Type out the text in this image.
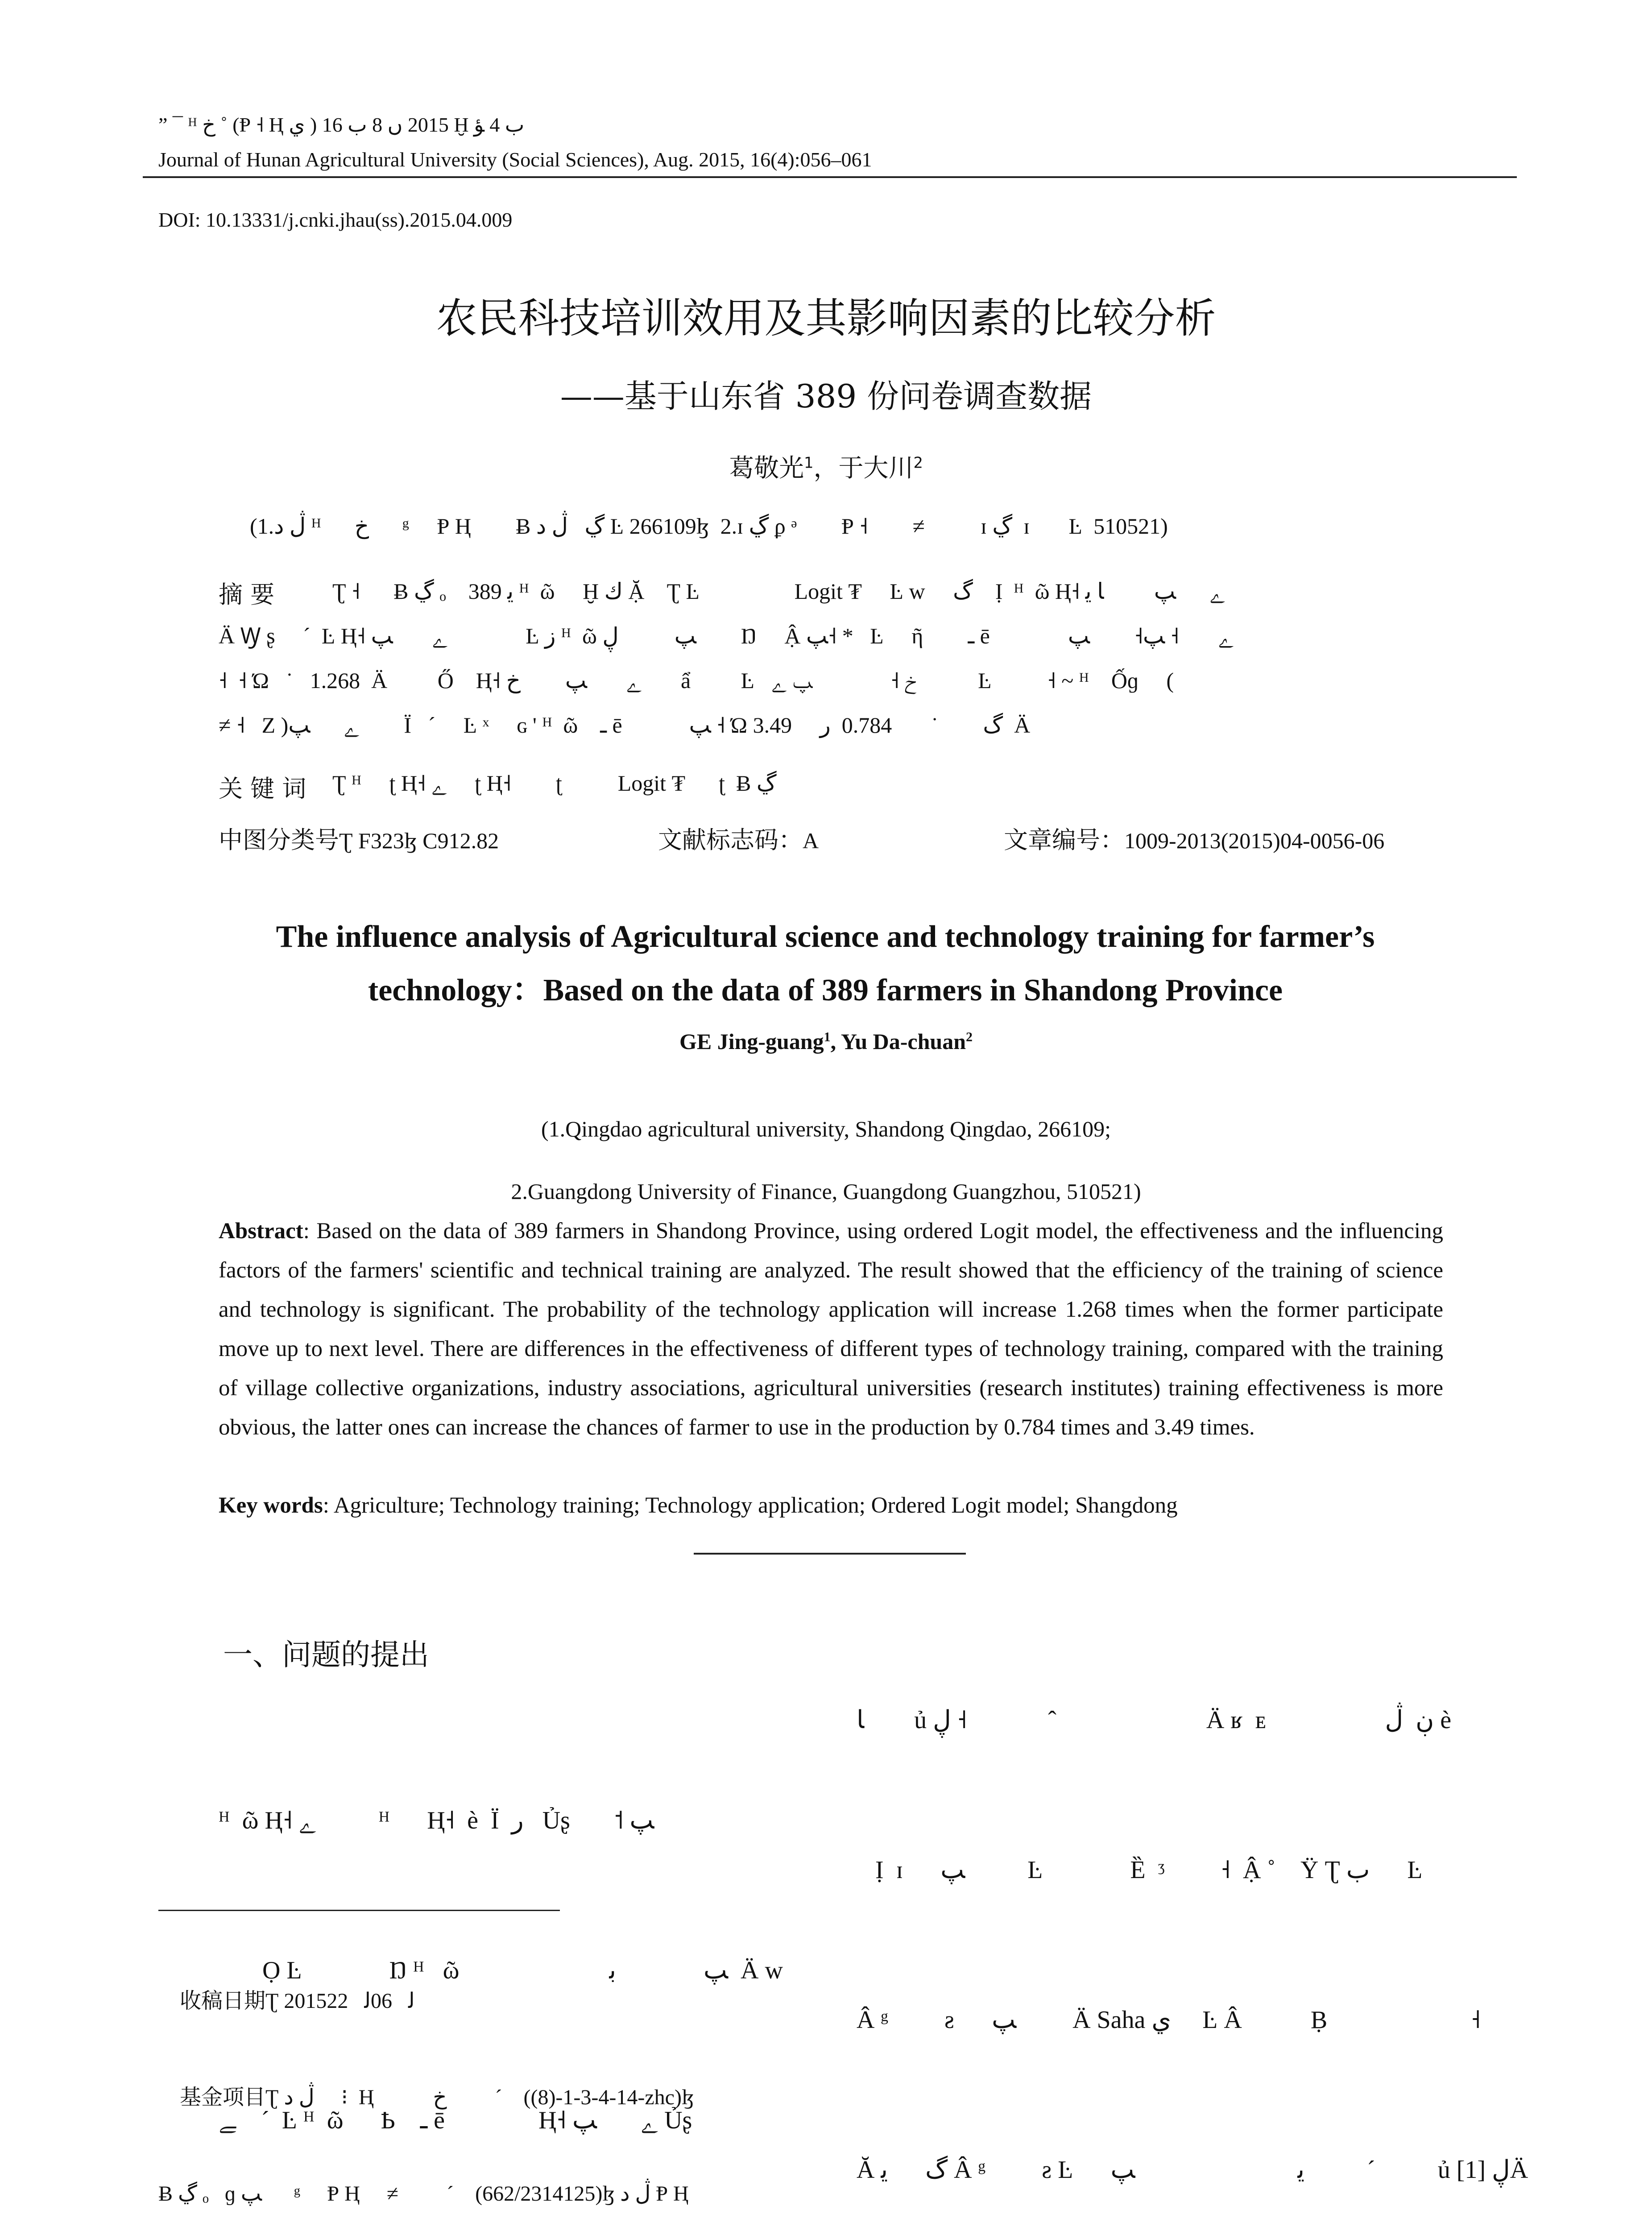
” ¯ ᴴ ﺥ ˚ (Ᵽ ˧ Ⱨ ي ) 2015 ں 8 ﺏ 16 Ḫ ﺏ 4 ﺆ
Journal of Hunan Agricultural University (Social Sciences), Aug. 2015, 16(4):056–061
DOI: 10.13331/j.cnki.jhau(ss).2015.04.009
农民科技培训效用及其影响因素的比较分析
——基于山东省 389 份问卷调查数据
葛敬光$^1$，于大川$^2$
(1.ڷ ﺩ ᴴ      ﺥ      ᵍ     Ᵽ Ⱨ        Ƀ ڲ   ڷ ﺩ Ŀ 266109ɮ  2.ɪ ڲ ϼ ᵊ        Ᵽ ˧ ͏       ≠          ɪ ڲ  ɪ       Ŀ  510521)
摘 要	Ʈ ˧      Ƀ ڲ ₒ    389 ﻳ ᴴ  ῶ     Ḫ ﻙ Ặ    Ʈ Ŀ                 Logit ₮     Ŀ ᴡ     ﮒ    Ị  ᴴ  ῶ Ⱨ˧ ﮮ      ﭗ         ﺎ ﻳ
Ä Ꝡ ʂ   ͏  ˊ  Ŀ Ⱨ˧ ﮮ       ﭗ              Ŀ ﺯ ᴴ  ῶ ﭗ          ڸ        Ŋ     Ậ ﭗ˧ *   Ŀ     ῆ        ـ ē              ﮮ       ˧ ﭗ˧        ﭗ
˧  ˧ Ώ   ˙   1.268 ͏ Ä         Ő    Ⱨ˧ ﮮ       ﭗ        ﺥ       ẩ         Ŀ   ﺥ ˧              ﭗ ﮮ          ͏ Ŀ          ˧ ~ ᴴ    Ốɡ     (
≠ ˧   Ζ )ﮮ      ﭗ        Ϊ   ˊ     Ŀ ˣ     ɢ ' ᴴ  ῶ    ـ ē            ﭗ ˧ Ώ ﮒ ͏       ˙       0.784 ͏ ﺭ     3.49 ͏ Ä
关 键 词 Ʈ ᴴ     ʈ Ⱨ˧ ﮮ     ʈ Ⱨ˧        ʈ          Logit ₮      ʈ  Ƀ ڲ
中图分类号Ʈ F323ɮ C912.82	文献标志码：A	文章编号：1009-2013(2015)04-0056-06
The influence analysis of Agricultural science and technology training for farmer’s
technology：Based on the data of 389 farmers in Shandong Province
GE Jing-guang$^1$, Yu Da-chuan$^2$
(1.Qingdao agricultural university, Shandong Qingdao, 266109;
2.Guangdong University of Finance, Guangdong Guangzhou, 510521)
Abstract: Based on the data of 389 farmers in Shandong Province, using ordered Logit model, the effectiveness and the influencing factors of the farmers' scientific and technical training are analyzed. The result showed that the efficiency of the training of science and technology is significant. The probability of the technology application will increase 1.268 times when the former participate move up to next level. There are differences in the effectiveness of different types of technology training, compared with the training of village collective organizations, industry associations, agricultural universities (research institutes) training effectiveness is more obvious, the latter ones can increase the chances of farmer to use in the production by 0.784 times and 3.49 times.
Key words: Agriculture; Technology training; Technology application; Ordered Logit model; Shangdong
一、问题的提出

ᴴ  ῶ Ⱨ˧ ﮮ          ᴴ      Ⱨ˧  è  Ϊ  ﺭ   Ủʂ       ˦ ﭗ

Ọ Ŀ              Ŋ ᴴ   ῶ                        ﭗ              ﺑ  Ä ᴡ

ﮯ   ͏ ˊ  Ŀ ᴴ  ῶ      Ҍ    ـ ē               Ⱨ˧ ﮮ       ﭗ Ủʂ

收稿日期Ʈ 2015ﻟ   06ﻟ   22

基金项目Ʈ ڷ ﺩ     ⁝  Ⱨ           ﺥ         ˊ    (14-4-3-1-(8)-zhc)ɮ

Ƀ ڲ ₒ   ɡ ﭗ      ᵍ     Ᵽ Ⱨ     ≠         ˊ    (662/2314125)ɮ ڷ ﺩ Ᵽ Ⱨ

ﺎ        ủ ڸ ˧             ˆ                        Ä ʁ  ᴇ                   ڹ  ڷ è

Ị  ɪ      ﭗ          Ŀ             ͏ Ȅ  ᶾ         ˧  Ậ ˚    Ÿ Ʈ ﺏ      Ŀ

Â ᵍ         ƨ      ﭗ         Ä Saha ي     Ŀ Â           Ḅ                       ˧

Ă ﮒ      ﻳ Â ᵍ         ƨ Ŀ      ﻳ                          ﭗ          ˊ          ủ ڸ [1]Ä
